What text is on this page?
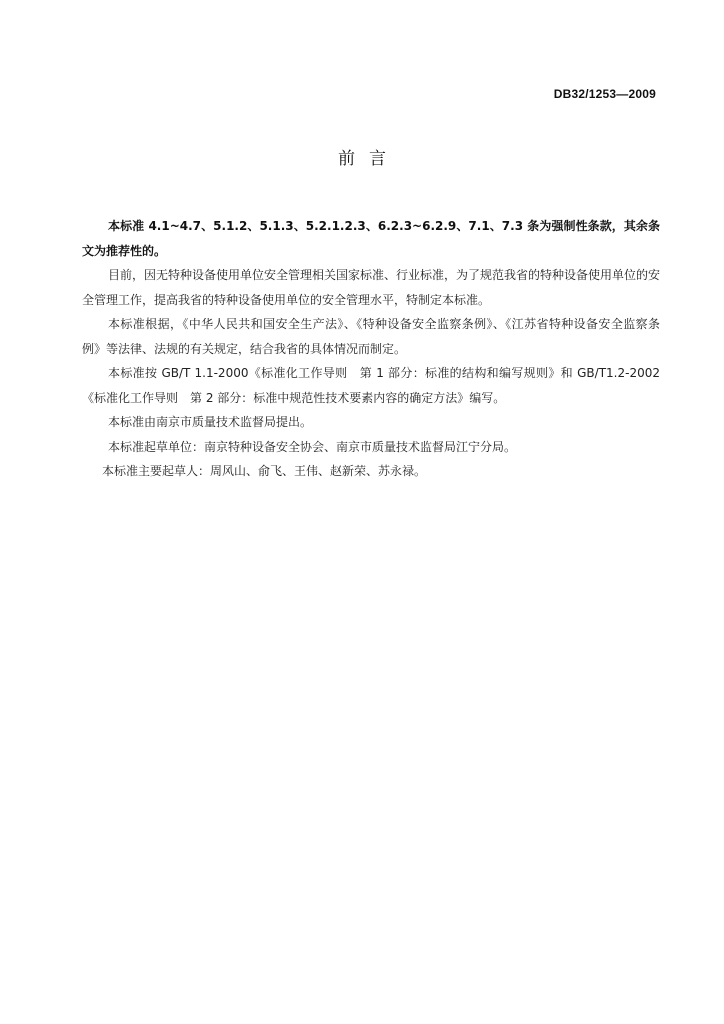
DB32/1253—2009
前言

本标准 4.1~4.7、5.1.2、5.1.3、5.2.1.2.3、6.2.3~6.2.9、7.1、7.3 条为强制性条款，其余条文为推荐性的。

目前，因无特种设备使用单位安全管理相关国家标准、行业标准，为了规范我省的特种设备使用单位的安全管理工作，提高我省的特种设备使用单位的安全管理水平，特制定本标准。

本标准根据，《中华人民共和国安全生产法》、《特种设备安全监察条例》、《江苏省特种设备安全监察条例》等法律、法规的有关规定，结合我省的具体情况而制定。

本标准按 GB/T 1.1-2000《标准化工作导则　第 1 部分：标准的结构和编写规则》和 GB/T1.2-2002《标准化工作导则　第 2 部分：标准中规范性技术要素内容的确定方法》编写。

本标准由南京市质量技术监督局提出。

本标准起草单位：南京特种设备安全协会、南京市质量技术监督局江宁分局。

本标准主要起草人：周风山、俞飞、王伟、赵新荣、苏永禄。
